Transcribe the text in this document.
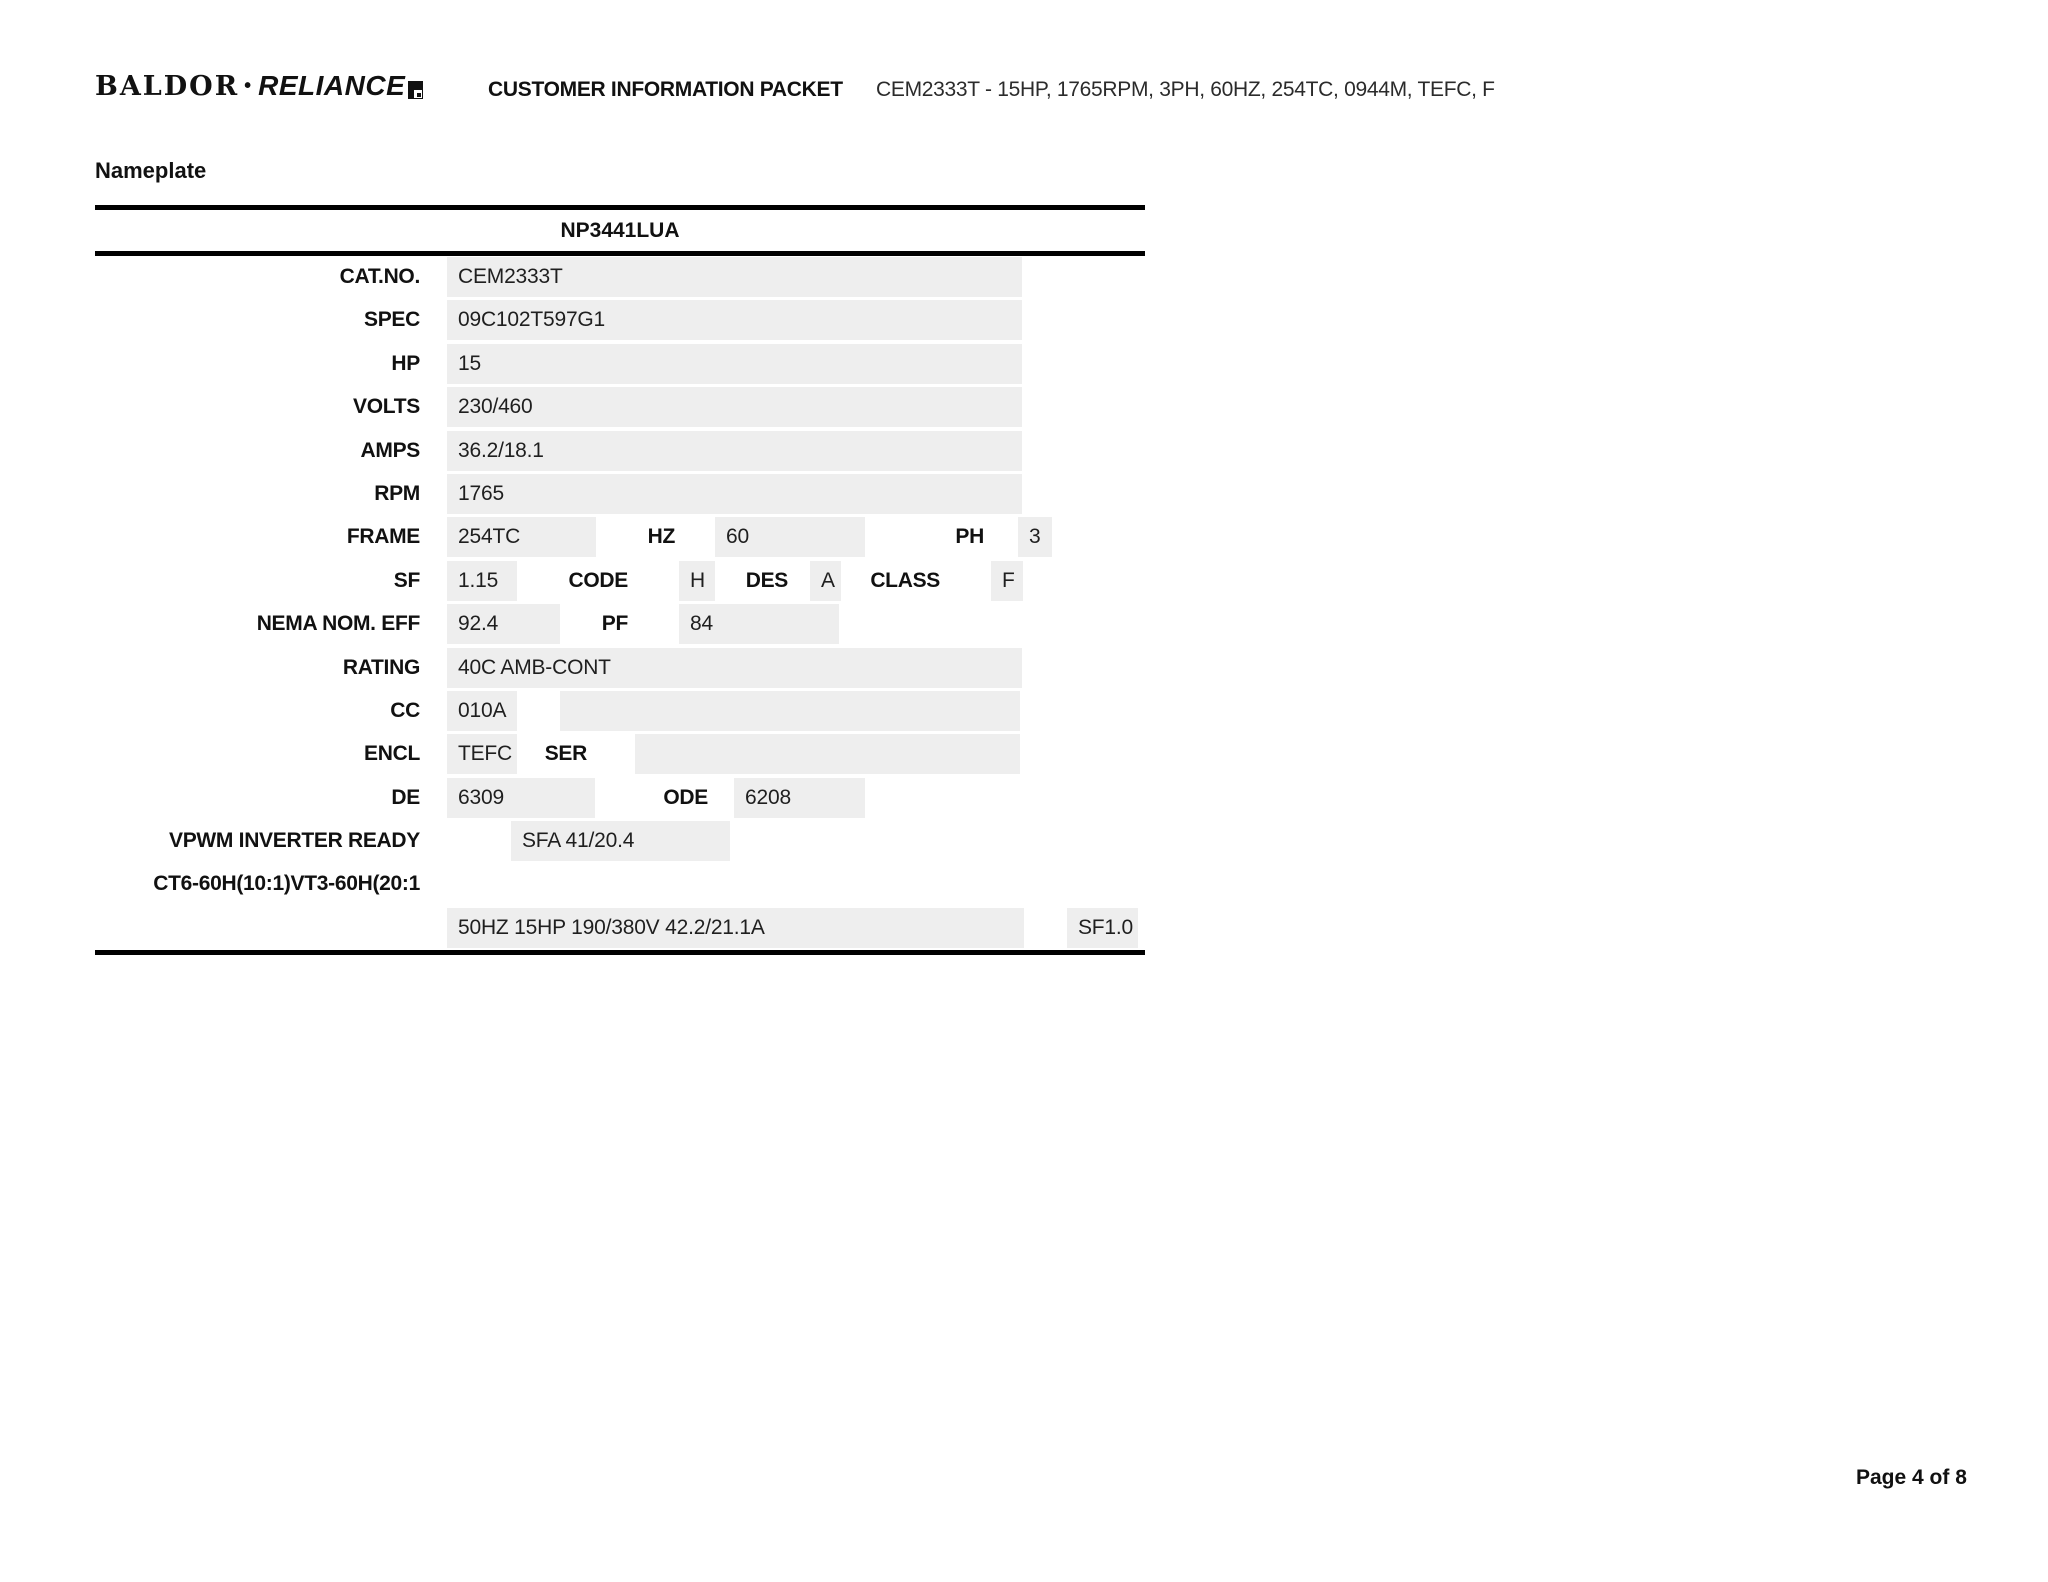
BALDOR • RELIANCE	CUSTOMER INFORMATION PACKET CEM2333T - 15HP, 1765RPM, 3PH, 60HZ, 254TC, 0944M, TEFC, F
Nameplate
NP3441LUA
CAT.NO.	CEM2333T
SPEC	09C102T597G1
HP	15
VOLTS	230/460
AMPS	36.2/18.1
RPM	1765
FRAME	254TC	HZ	60	PH	3
SF	1.15	CODE	H	DES	A	CLASS	F
NEMA NOM. EFF	92.4	PF	84
RATING	40C AMB-CONT
CC	010A
ENCL	TEFC	SER
DE	6309	ODE	6208
VPWM INVERTER READY	SFA 41/20.4
CT6-60H(10:1)VT3-60H(20:1
50HZ 15HP 190/380V 42.2/21.1A	SF1.0
Page 4 of 8
